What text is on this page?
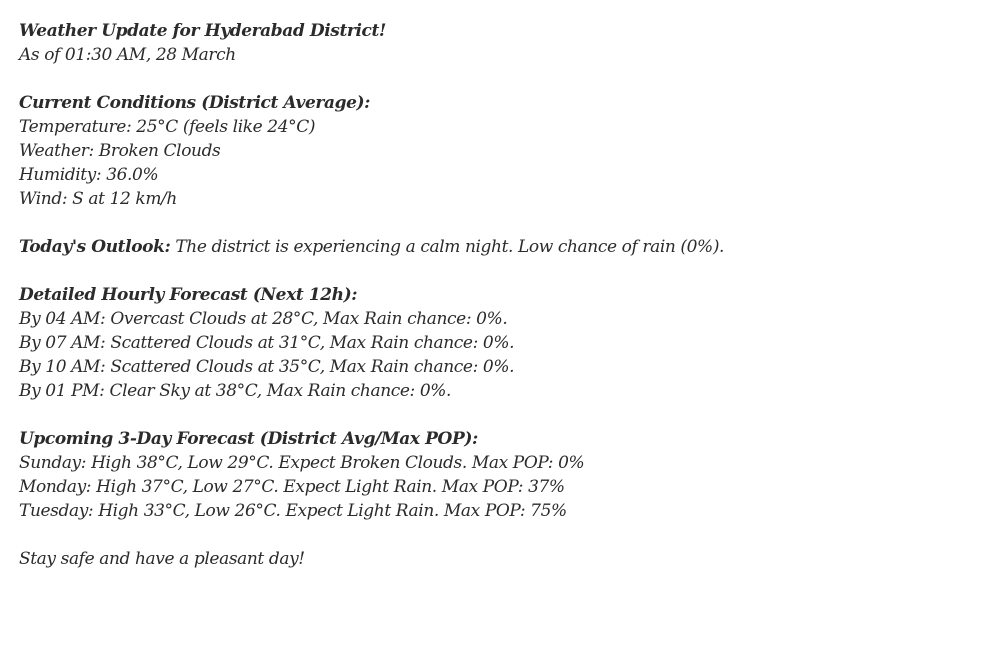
Weather Update for Hyderabad District!
As of 01:30 AM, 28 March
Current Conditions (District Average):
Temperature: 25°C (feels like 24°C)
Weather: Broken Clouds
Humidity: 36.0%
Wind: S at 12 km/h
Today's Outlook: The district is experiencing a calm night. Low chance of rain (0%).
Detailed Hourly Forecast (Next 12h):
By 04 AM: Overcast Clouds at 28°C, Max Rain chance: 0%.
By 07 AM: Scattered Clouds at 31°C, Max Rain chance: 0%.
By 10 AM: Scattered Clouds at 35°C, Max Rain chance: 0%.
By 01 PM: Clear Sky at 38°C, Max Rain chance: 0%.
Upcoming 3-Day Forecast (District Avg/Max POP):
Sunday: High 38°C, Low 29°C. Expect Broken Clouds. Max POP: 0%
Monday: High 37°C, Low 27°C. Expect Light Rain. Max POP: 37%
Tuesday: High 33°C, Low 26°C. Expect Light Rain. Max POP: 75%
Stay safe and have a pleasant day!
